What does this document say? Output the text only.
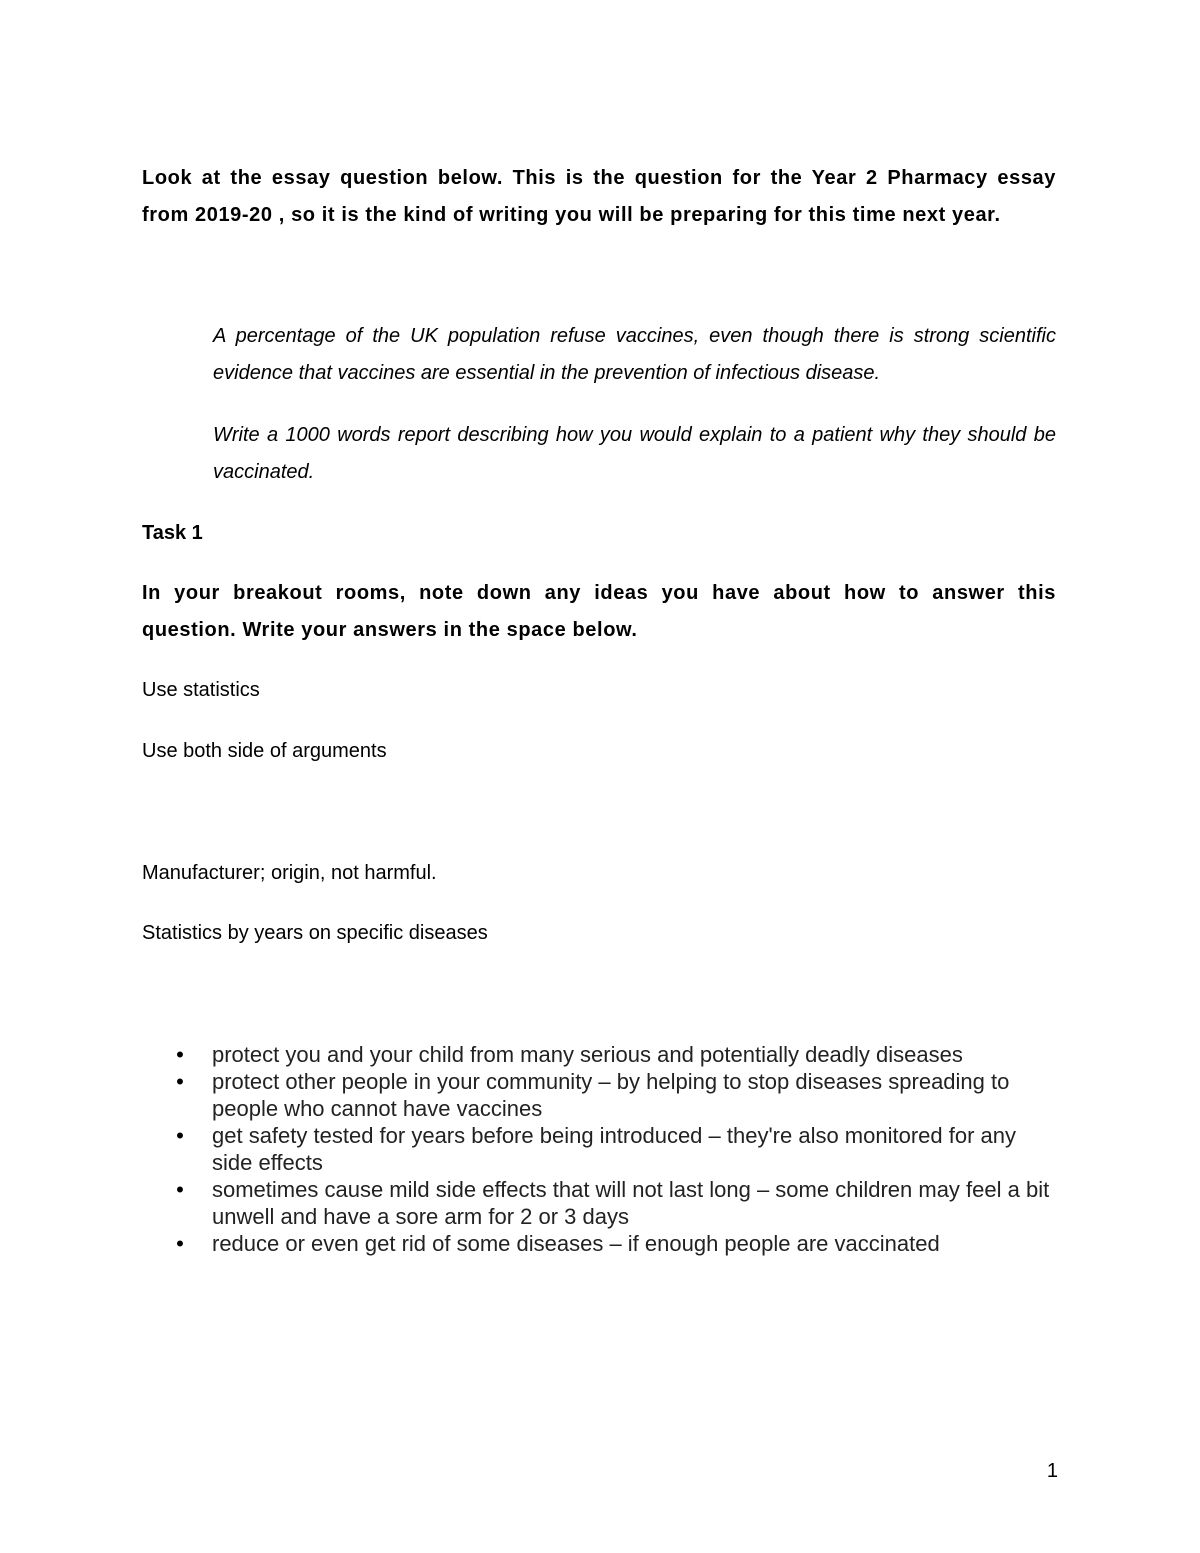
Look at the essay question below. This is the question for the Year 2 Pharmacy essay from 2019-20 , so it is the kind of writing you will be preparing for this time next year.

A percentage of the UK population refuse vaccines, even though there is strong scientific evidence that vaccines are essential in the prevention of infectious disease.

Write a 1000 words report describing how you would explain to a patient why they should be vaccinated.

Task 1

In your breakout rooms, note down any ideas you have about how to answer this question. Write your answers in the space below.

Use statistics

Use both side of arguments

Manufacturer; origin, not harmful.

Statistics by years on specific diseases

• protect you and your child from many serious and potentially deadly diseases
• protect other people in your community – by helping to stop diseases spreading to people who cannot have vaccines
• get safety tested for years before being introduced – they're also monitored for any side effects
• sometimes cause mild side effects that will not last long – some children may feel a bit unwell and have a sore arm for 2 or 3 days
• reduce or even get rid of some diseases – if enough people are vaccinated
1
